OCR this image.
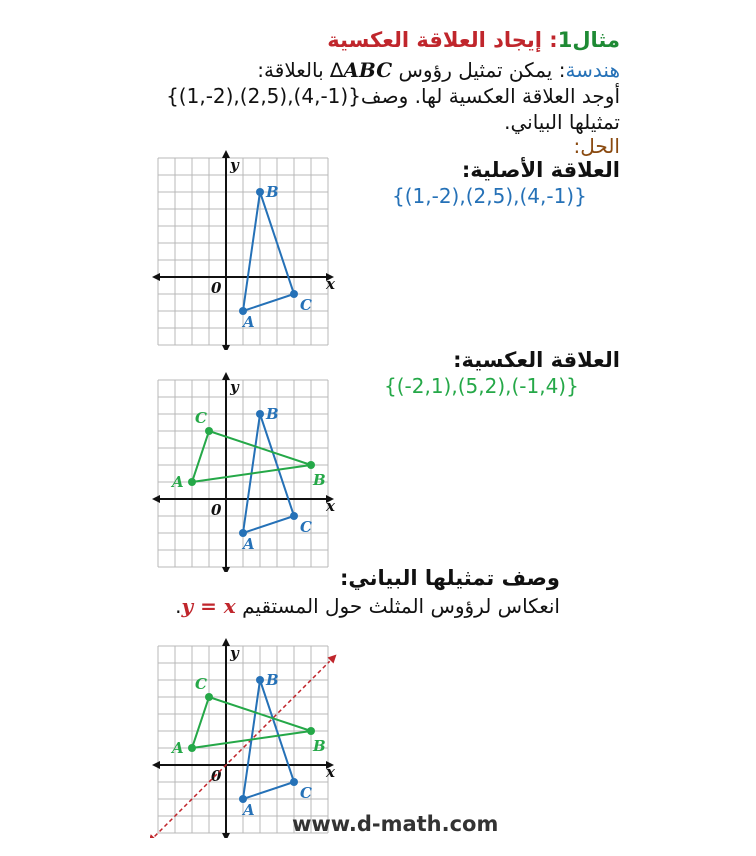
مثال1: إيجاد العلاقة العكسية
هندسة: يمكن تمثيل رؤوس ABC∆ بالعلاقة:
أوجد العلاقة العكسية لها. وصف{(1,-2),(2,5),(4,-1)}
تمثيلها البياني.
الحل:
العلاقة الأصلية:
{(1,-2),(2,5),(4,-1)}
العلاقة العكسية:
{(-2,1),(5,2),(-1,4)}
وصف تمثيلها البياني:
انعكاس لرؤوس المثلث حول المستقيم y = x.
x
y
0
A
B
C
x
y
0
A
B
C
A	B
C
x
y
0
A
B
C
A	B
C
www.d-math.com
